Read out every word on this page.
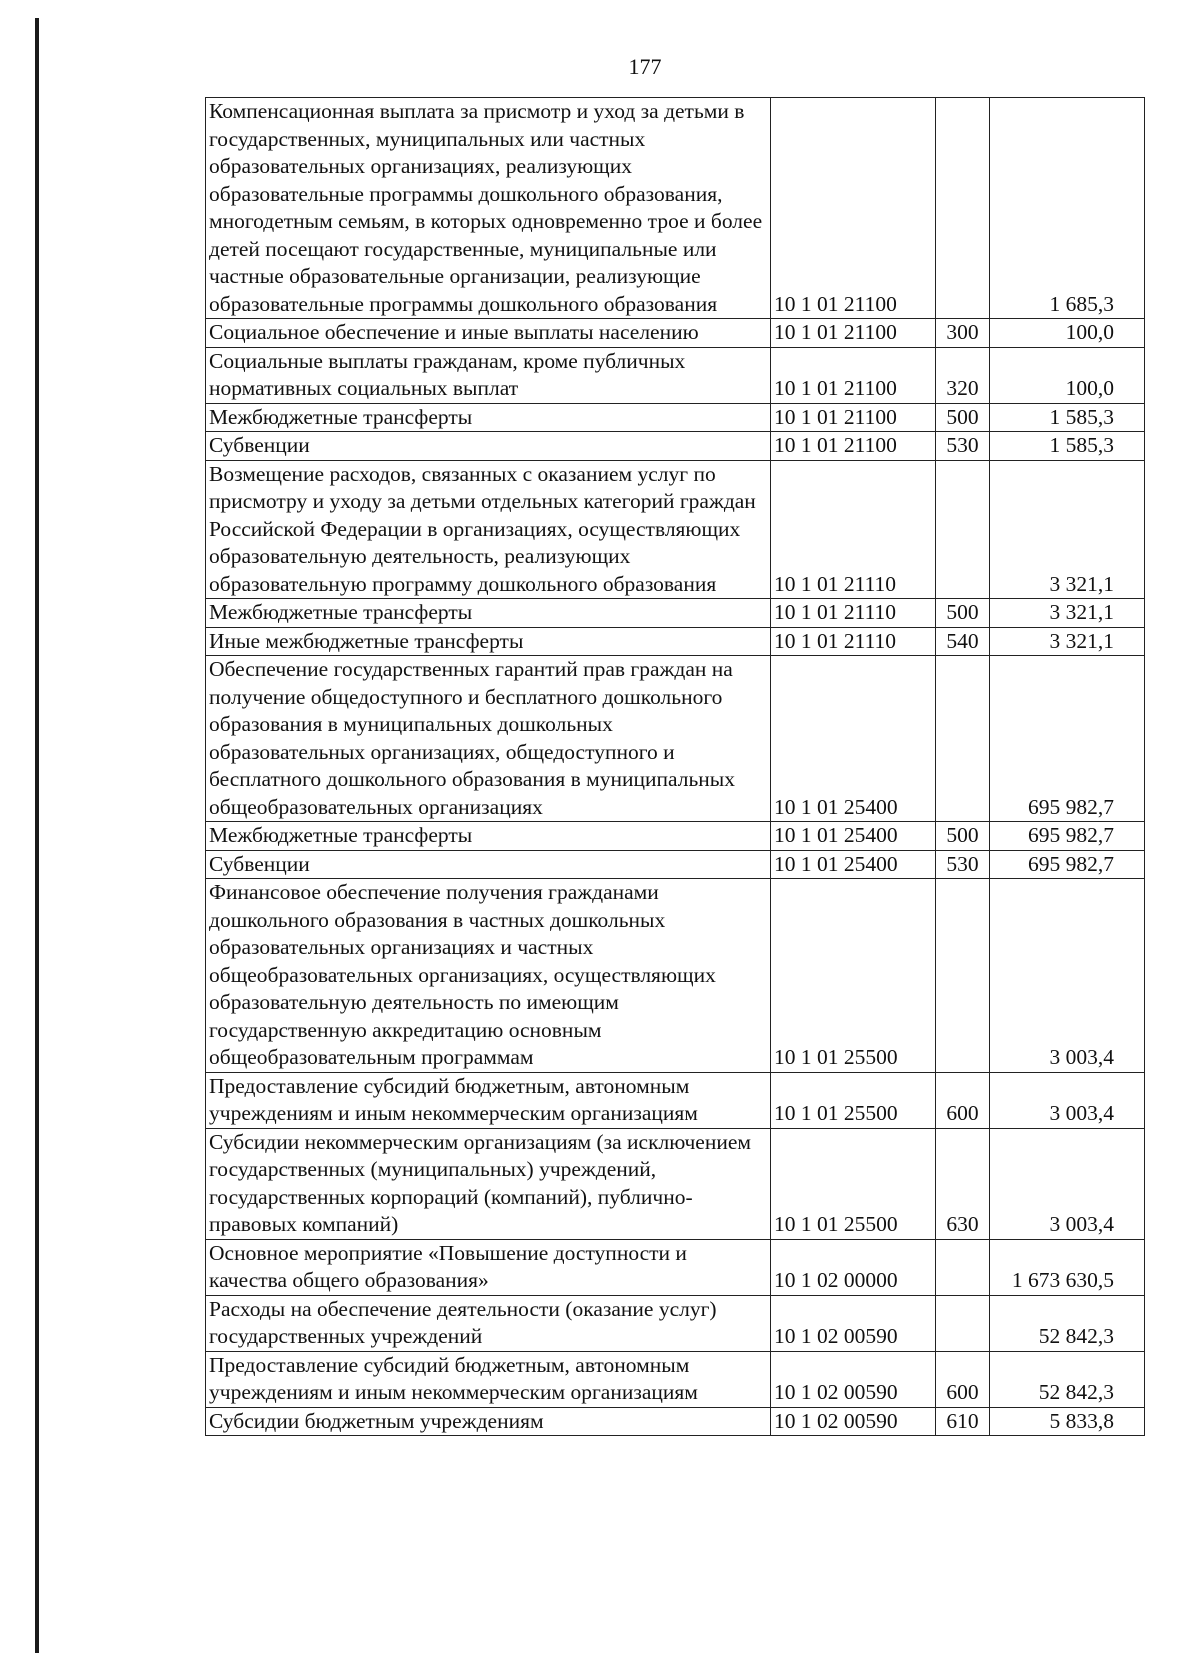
177
Компенсационная выплата за присмотр и уход за детьми в государственных, муниципальных или частных образовательных организациях, реализующих образовательные программы дошкольного образования, многодетным семьям, в которых одновременно трое и более детей посещают государственные, муниципальные или частные образовательные организации, реализующие образовательные программы дошкольного образования	10 1 01 21100		1 685,3
Социальное обеспечение и иные выплаты населению	10 1 01 21100	300	100,0
Социальные выплаты гражданам, кроме публичных нормативных социальных выплат	10 1 01 21100	320	100,0
Межбюджетные трансферты	10 1 01 21100	500	1 585,3
Субвенции	10 1 01 21100	530	1 585,3
Возмещение расходов, связанных с оказанием услуг по присмотру и уходу за детьми отдельных категорий граждан Российской Федерации в организациях, осуществляющих образовательную деятельность, реализующих образовательную программу дошкольного образования	10 1 01 21110		3 321,1
Межбюджетные трансферты	10 1 01 21110	500	3 321,1
Иные межбюджетные трансферты	10 1 01 21110	540	3 321,1
Обеспечение государственных гарантий прав граждан на получение общедоступного и бесплатного дошкольного образования в муниципальных дошкольных образовательных организациях, общедоступного и бесплатного дошкольного образования в муниципальных общеобразовательных организациях	10 1 01 25400		695 982,7
Межбюджетные трансферты	10 1 01 25400	500	695 982,7
Субвенции	10 1 01 25400	530	695 982,7
Финансовое обеспечение получения гражданами дошкольного образования в частных дошкольных образовательных организациях и частных общеобразовательных организациях, осуществляющих образовательную деятельность по имеющим государственную аккредитацию основным общеобразовательным программам	10 1 01 25500		3 003,4
Предоставление субсидий бюджетным, автономным учреждениям и иным некоммерческим организациям	10 1 01 25500	600	3 003,4
Субсидии некоммерческим организациям (за исключением государственных (муниципальных) учреждений, государственных корпораций (компаний), публично-правовых компаний)	10 1 01 25500	630	3 003,4
Основное мероприятие «Повышение доступности и качества общего образования»	10 1 02 00000		1 673 630,5
Расходы на обеспечение деятельности (оказание услуг) государственных учреждений	10 1 02 00590		52 842,3
Предоставление субсидий бюджетным, автономным учреждениям и иным некоммерческим организациям	10 1 02 00590	600	52 842,3
Субсидии бюджетным учреждениям	10 1 02 00590	610	5 833,8
